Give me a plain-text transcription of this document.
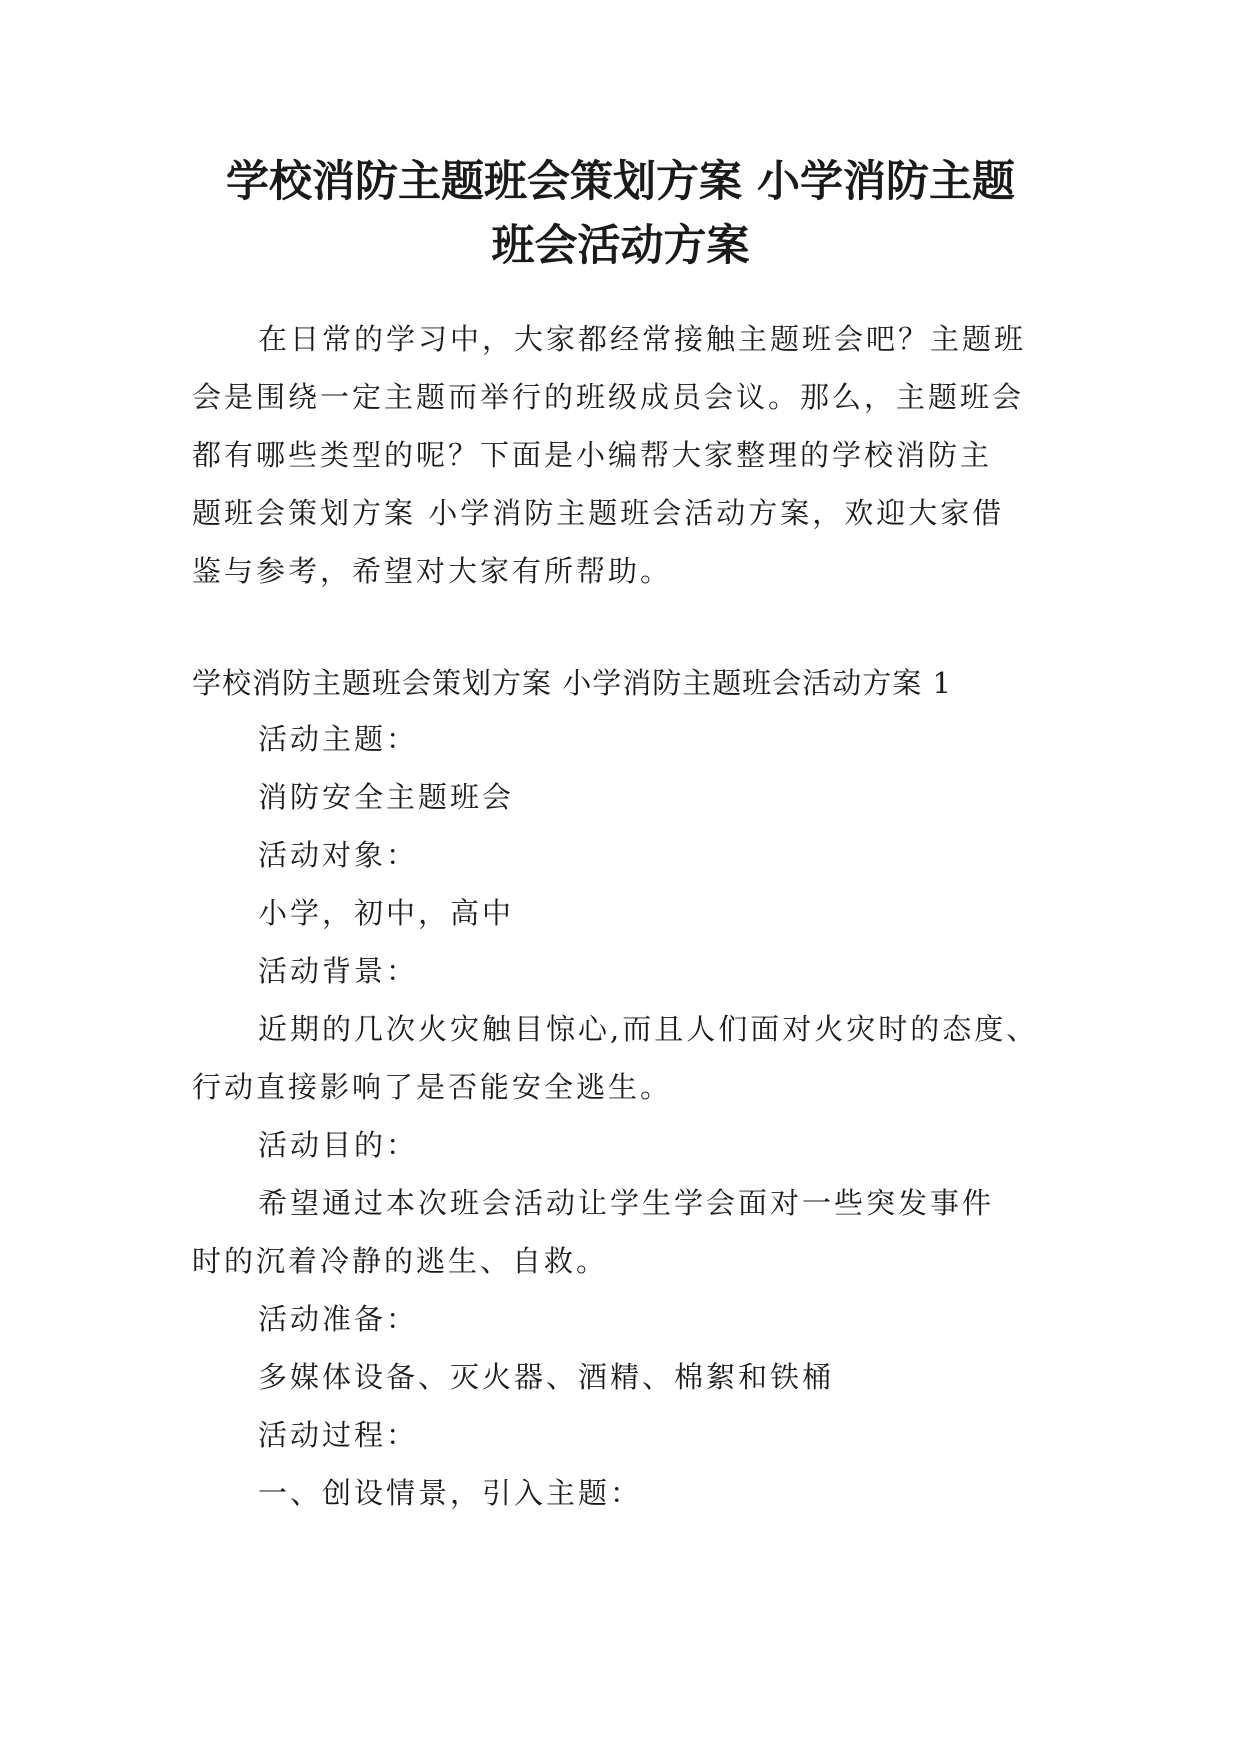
学校消防主题班会策划方案 小学消防主题
班会活动方案

在日常的学习中，大家都经常接触主题班会吧？主题班

会是围绕一定主题而举行的班级成员会议。那么，主题班会

都有哪些类型的呢？下面是小编帮大家整理的学校消防主

题班会策划方案 小学消防主题班会活动方案，欢迎大家借

鉴与参考，希望对大家有所帮助。

学校消防主题班会策划方案 小学消防主题班会活动方案 1

活动主题：

消防安全主题班会

活动对象：

小学，初中，高中

活动背景：

近期的几次火灾触目惊心,而且人们面对火灾时的态度、

行动直接影响了是否能安全逃生。

活动目的：

希望通过本次班会活动让学生学会面对一些突发事件

时的沉着冷静的逃生、自救。

活动准备：

多媒体设备、灭火器、酒精、棉絮和铁桶

活动过程：

一、创设情景，引入主题：
